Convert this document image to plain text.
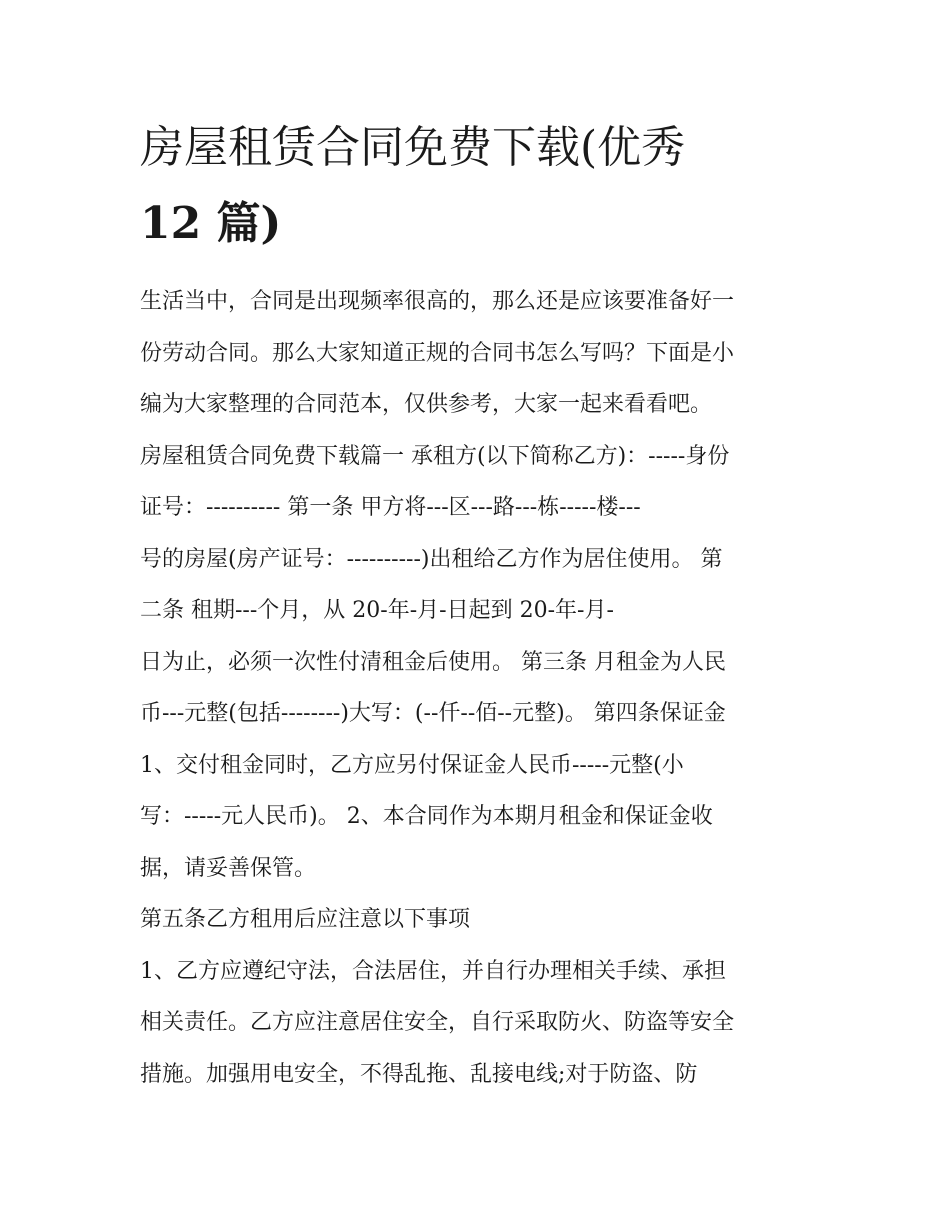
房屋租赁合同免费下载(优秀
12 篇)
生活当中，合同是出现频率很高的，那么还是应该要准备好一
份劳动合同。那么大家知道正规的合同书怎么写吗？下面是小
编为大家整理的合同范本，仅供参考，大家一起来看看吧。
房屋租赁合同免费下载篇一 承租方(以下简称乙方)：-----身份
证号：---------- 第一条 甲方将---区---路---栋-----楼---
号的房屋(房产证号：----------)出租给乙方作为居住使用。 第
二条 租期---个月，从 20-年-月-日起到 20-年-月-
日为止，必须一次性付清租金后使用。 第三条 月租金为人民
币---元整(包括--------)大写：(--仟--佰--元整)。 第四条保证金
1、交付租金同时，乙方应另付保证金人民币-----元整(小
写：-----元人民币)。 2、本合同作为本期月租金和保证金收
据，请妥善保管。
第五条乙方租用后应注意以下事项
1、乙方应遵纪守法，合法居住，并自行办理相关手续、承担
相关责任。乙方应注意居住安全，自行采取防火、防盗等安全
措施。加强用电安全，不得乱拖、乱接电线;对于防盗、防
